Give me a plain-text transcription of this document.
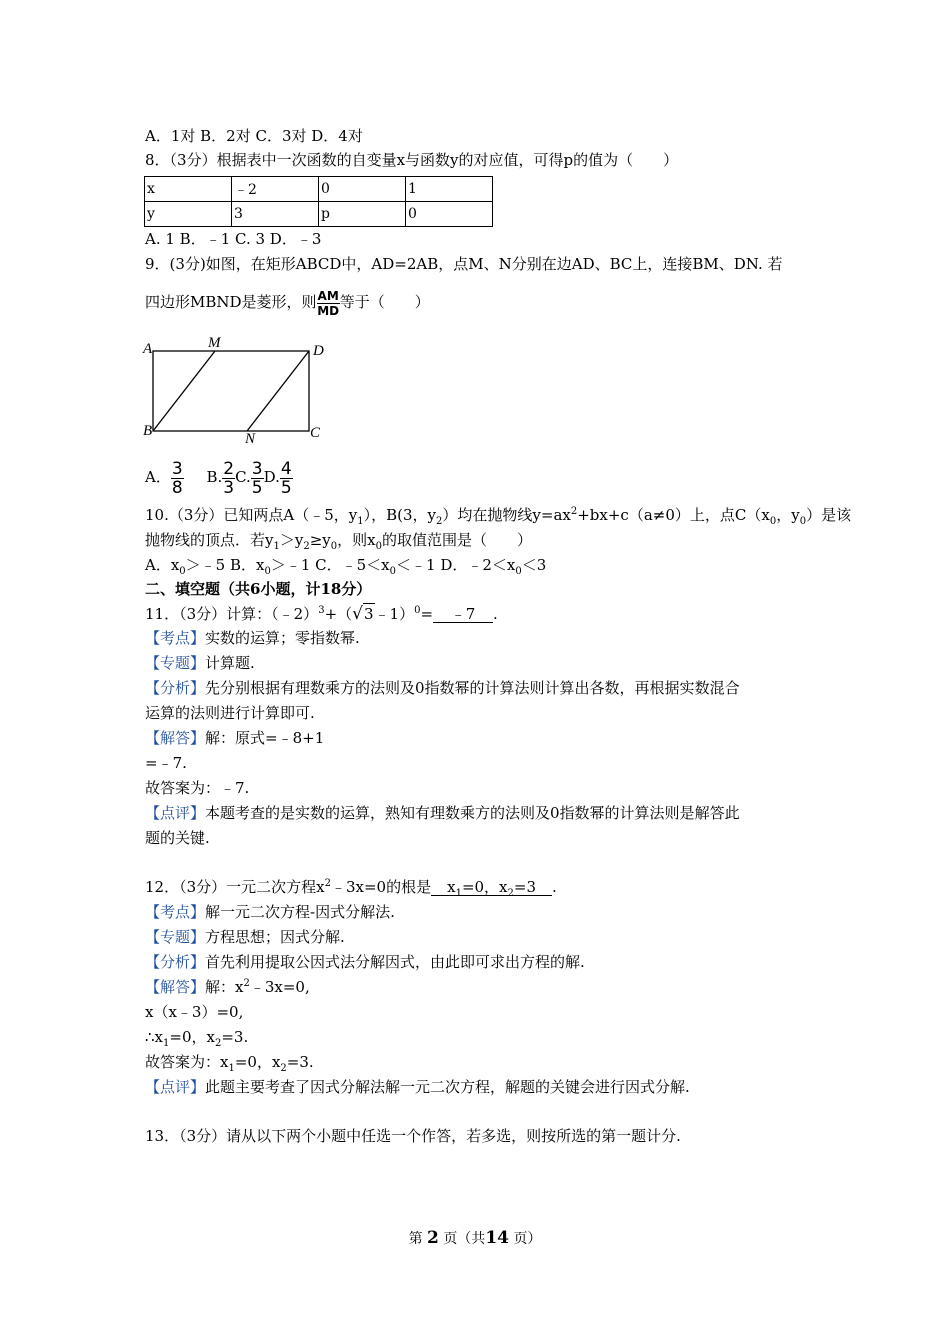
A．1对 B．2对 C．3对 D．4对
8．（3分）根据表中一次函数的自变量x与函数y的对应值，可得p的值为（　　）
x	﹣2	0	1
y	3	p	0
A. 1 B．﹣1 C. 3 D．﹣3
9．(3分)如图，在矩形ABCD中，AD=2AB，点M、N分别在边AD、BC上，连接BM、DN. 若
四边形MBND是菱形，则 $\frac{AM}{MD}$ 等于（　　）
A	M	D
B	N	C
A． $\frac{3}{8} B$. $\frac{2}{3} C$. $\frac{3}{5} D$. $\frac{4}{5}$
10.（3分）已知两点A（﹣5，$y_1$），B(3，$y_2$）均在抛物线$y=ax^2+bx+c(a\ne 0)$上，点$C(x_0$，$y_0$）是该
抛物线的顶点．若$y_1>y_2\ge y_0$，则$x_0$的取值范围是（　　）
A．$x_0>﹣5$ B．$x_0>﹣1$ C．$﹣5<x_0<﹣1$ D．$﹣2<x_0<3$
二、填空题（共6小题，计18分）
11．（3分）计算：（﹣2）$^3$+（√3﹣1）$^0$= ﹣7 .
【考点】实数的运算；零指数幂.
【专题】计算题.
【分析】先分别根据有理数乘方的法则及0指数幂的计算法则计算出各数，再根据实数混合
运算的法则进行计算即可.
【解答】解：原式=﹣8+1
=﹣7.
故答案为：﹣7.
【点评】本题考查的是实数的运算，熟知有理数乘方的法则及0指数幂的计算法则是解答此
题的关键.
12．（3分）一元二次方程$x^2﹣3x=0$的根是 $x_1=0$，$x_2=3$ .
【考点】解一元二次方程-因式分解法.
【专题】方程思想；因式分解.
【分析】首先利用提取公因式法分解因式，由此即可求出方程的解.
【解答】解：$x^2﹣3x=0$,
x（x﹣3）=0,
$\therefore x_1=0$，$x_2=3$.
故答案为：$x_1=0$，$x_2=3$.
【点评】此题主要考查了因式分解法解一元二次方程，解题的关键会进行因式分解.
13．（3分）请从以下两个小题中任选一个作答，若多选，则按所选的第一题计分.
第 2 页（共14 页）
